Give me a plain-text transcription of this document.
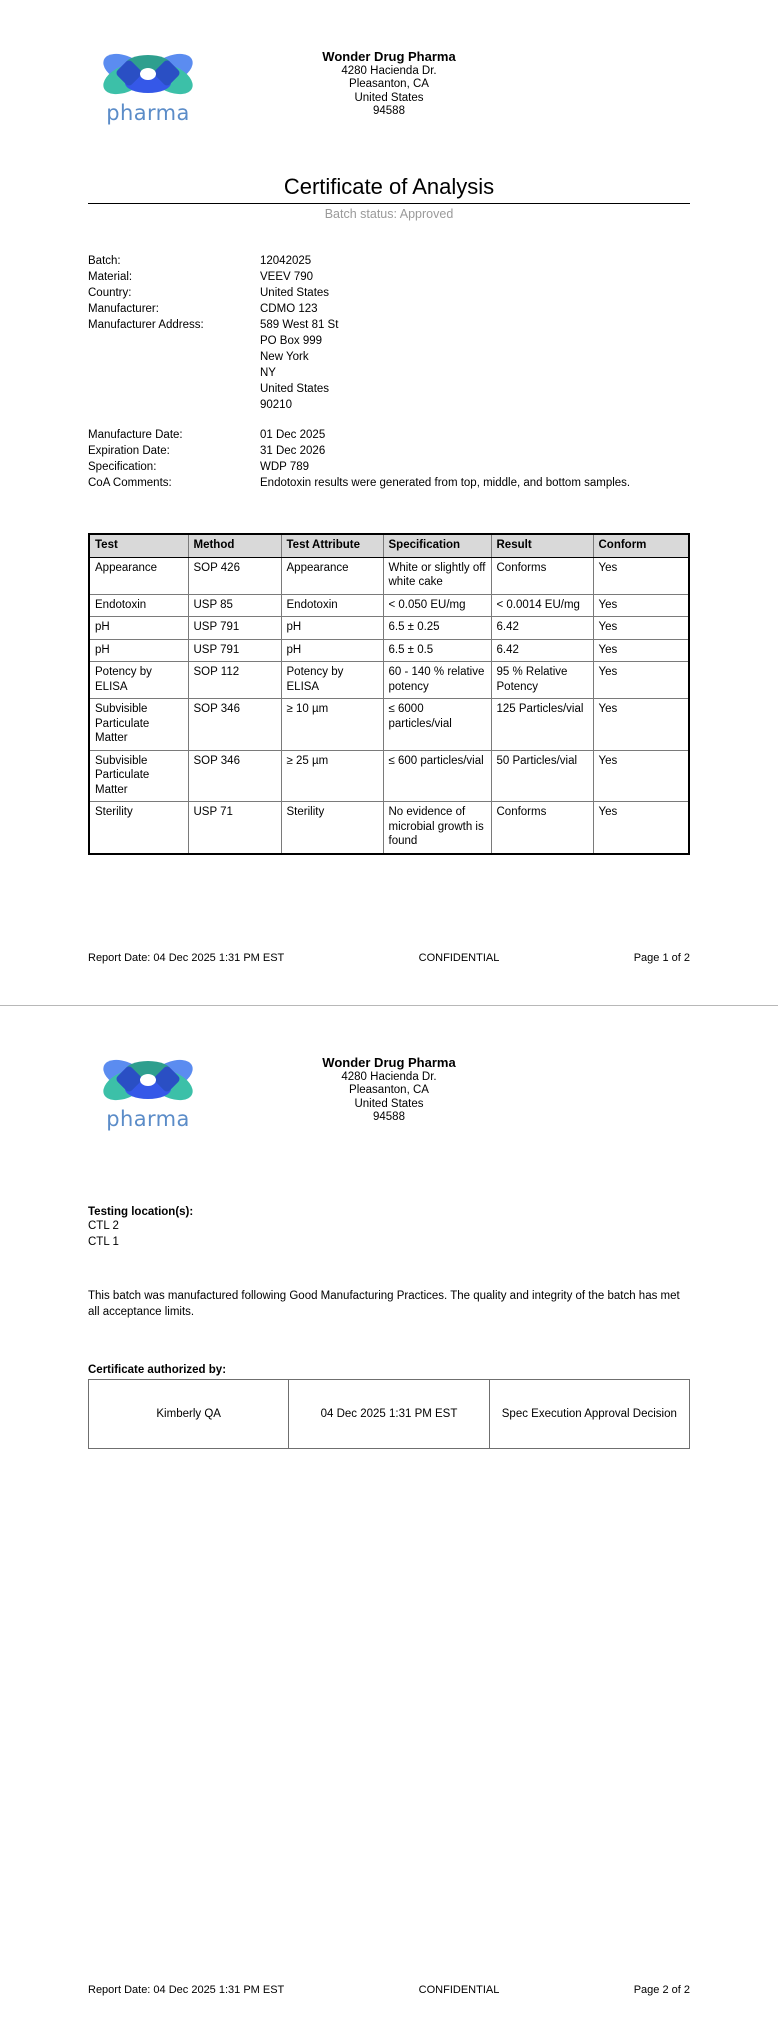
pharma
Wonder Drug Pharma
4280 Hacienda Dr.
Pleasanton, CA
United States
94588
Certificate of Analysis
Batch status: Approved
Batch:	12042025
Material:	VEEV 790
Country:	United States
Manufacturer:	CDMO 123
Manufacturer Address:	589 West 81 St
PO Box 999
New York
NY
United States
90210

Manufacture Date:	01 Dec 2025
Expiration Date:	31 Dec 2026
Specification:	WDP 789
CoA Comments:	Endotoxin results were generated from top, middle, and bottom samples.
Test	Method	Test Attribute	Specification	Result	Conform
Appearance	SOP 426	Appearance	White or slightly off white cake	Conforms	Yes
Endotoxin	USP 85	Endotoxin	< 0.050 EU/mg	< 0.0014 EU/mg	Yes
pH	USP 791	pH	6.5 ± 0.25	6.42	Yes
pH	USP 791	pH	6.5 ± 0.5	6.42	Yes
Potency by ELISA	SOP 112	Potency by ELISA	60 - 140 % relative potency	95 % Relative Potency	Yes
Subvisible Particulate Matter	SOP 346	≥ 10 µm	≤ 6000 particles/vial	125 Particles/vial	Yes
Subvisible Particulate Matter	SOP 346	≥ 25 µm	≤ 600 particles/vial	50 Particles/vial	Yes
Sterility	USP 71	Sterility	No evidence of microbial growth is found	Conforms	Yes
Report Date: 04 Dec 2025 1:31 PM EST	CONFIDENTIAL	Page 1 of 2
pharma
Wonder Drug Pharma
4280 Hacienda Dr.
Pleasanton, CA
United States
94588
Testing location(s):
CTL 2
CTL 1
This batch was manufactured following Good Manufacturing Practices. The quality and integrity of the batch has met all acceptance limits.
Certificate authorized by:
Kimberly QA	04 Dec 2025 1:31 PM EST	Spec Execution Approval Decision
Report Date: 04 Dec 2025 1:31 PM EST	CONFIDENTIAL	Page 2 of 2
